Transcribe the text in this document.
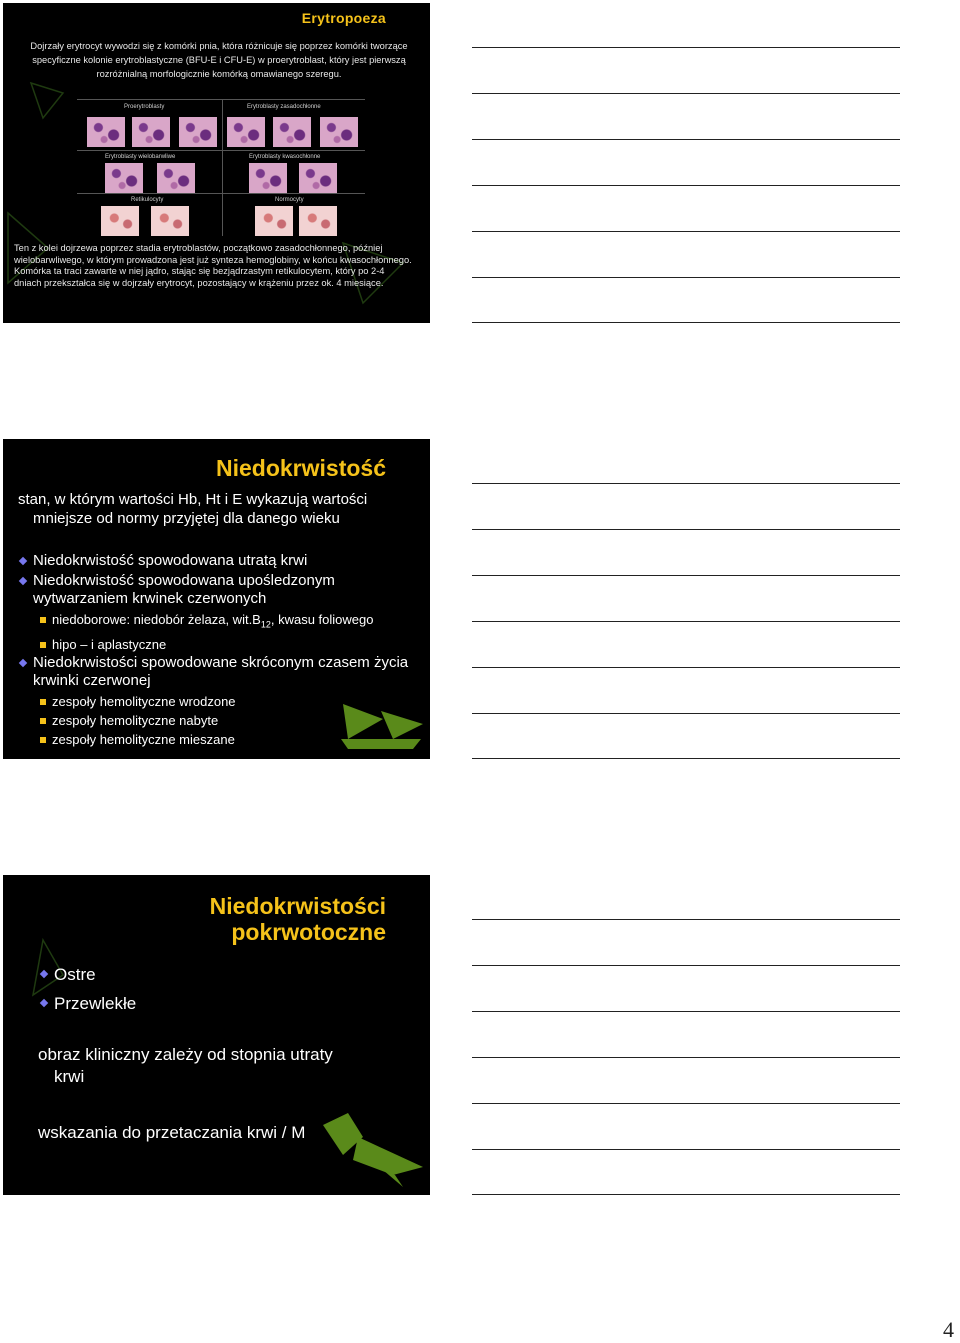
Erytropoeza
Dojrzały erytrocyt wywodzi się z komórki pnia, która różnicuje się poprzez komórki tworzące specyficzne kolonie erytroblastyczne (BFU-E i CFU-E) w proerytroblast, który jest pierwszą rozróżnialną morfologicznie komórką omawianego szeregu.
Proerytroblasty	Erytroblasty zasadochłonne
Erytroblasty wielobarwliwe	Erytroblasty kwasochłonne
Retikulocyty	Normocyty
Ten z kolei dojrzewa poprzez stadia erytroblastów, początkowo zasadochłonnego, później wielobarwliwego, w którym prowadzona jest już synteza hemoglobiny, w końcu kwasochłonnego. Komórka ta traci zawarte w niej jądro, stając się bezjądrzastym retikulocytem, który po 2-4 dniach przekształca się w dojrzały erytrocyt, pozostający w krążeniu przez ok. 4 miesiące.
Niedokrwistość
stan, w którym wartości Hb, Ht i E wykazują wartości
mniejsze od normy przyjętej dla danego wieku
Niedokrwistość spowodowana utratą krwi
Niedokrwistość spowodowana upośledzonym wytwarzaniem krwinek czerwonych
niedoborowe: niedobór żelaza, $wit.B_{12}$, kwasu foliowego
hipo – i aplastyczne
Niedokrwistości spowodowane skróconym czasem życia krwinki czerwonej
zespoły hemolityczne wrodzone
zespoły hemolityczne nabyte
zespoły hemolityczne mieszane
Niedokrwistości
pokrwotoczne
Ostre
Przewlekłe
obraz kliniczny zależy od stopnia utraty
krwi
wskazania do przetaczania krwi / M
4
